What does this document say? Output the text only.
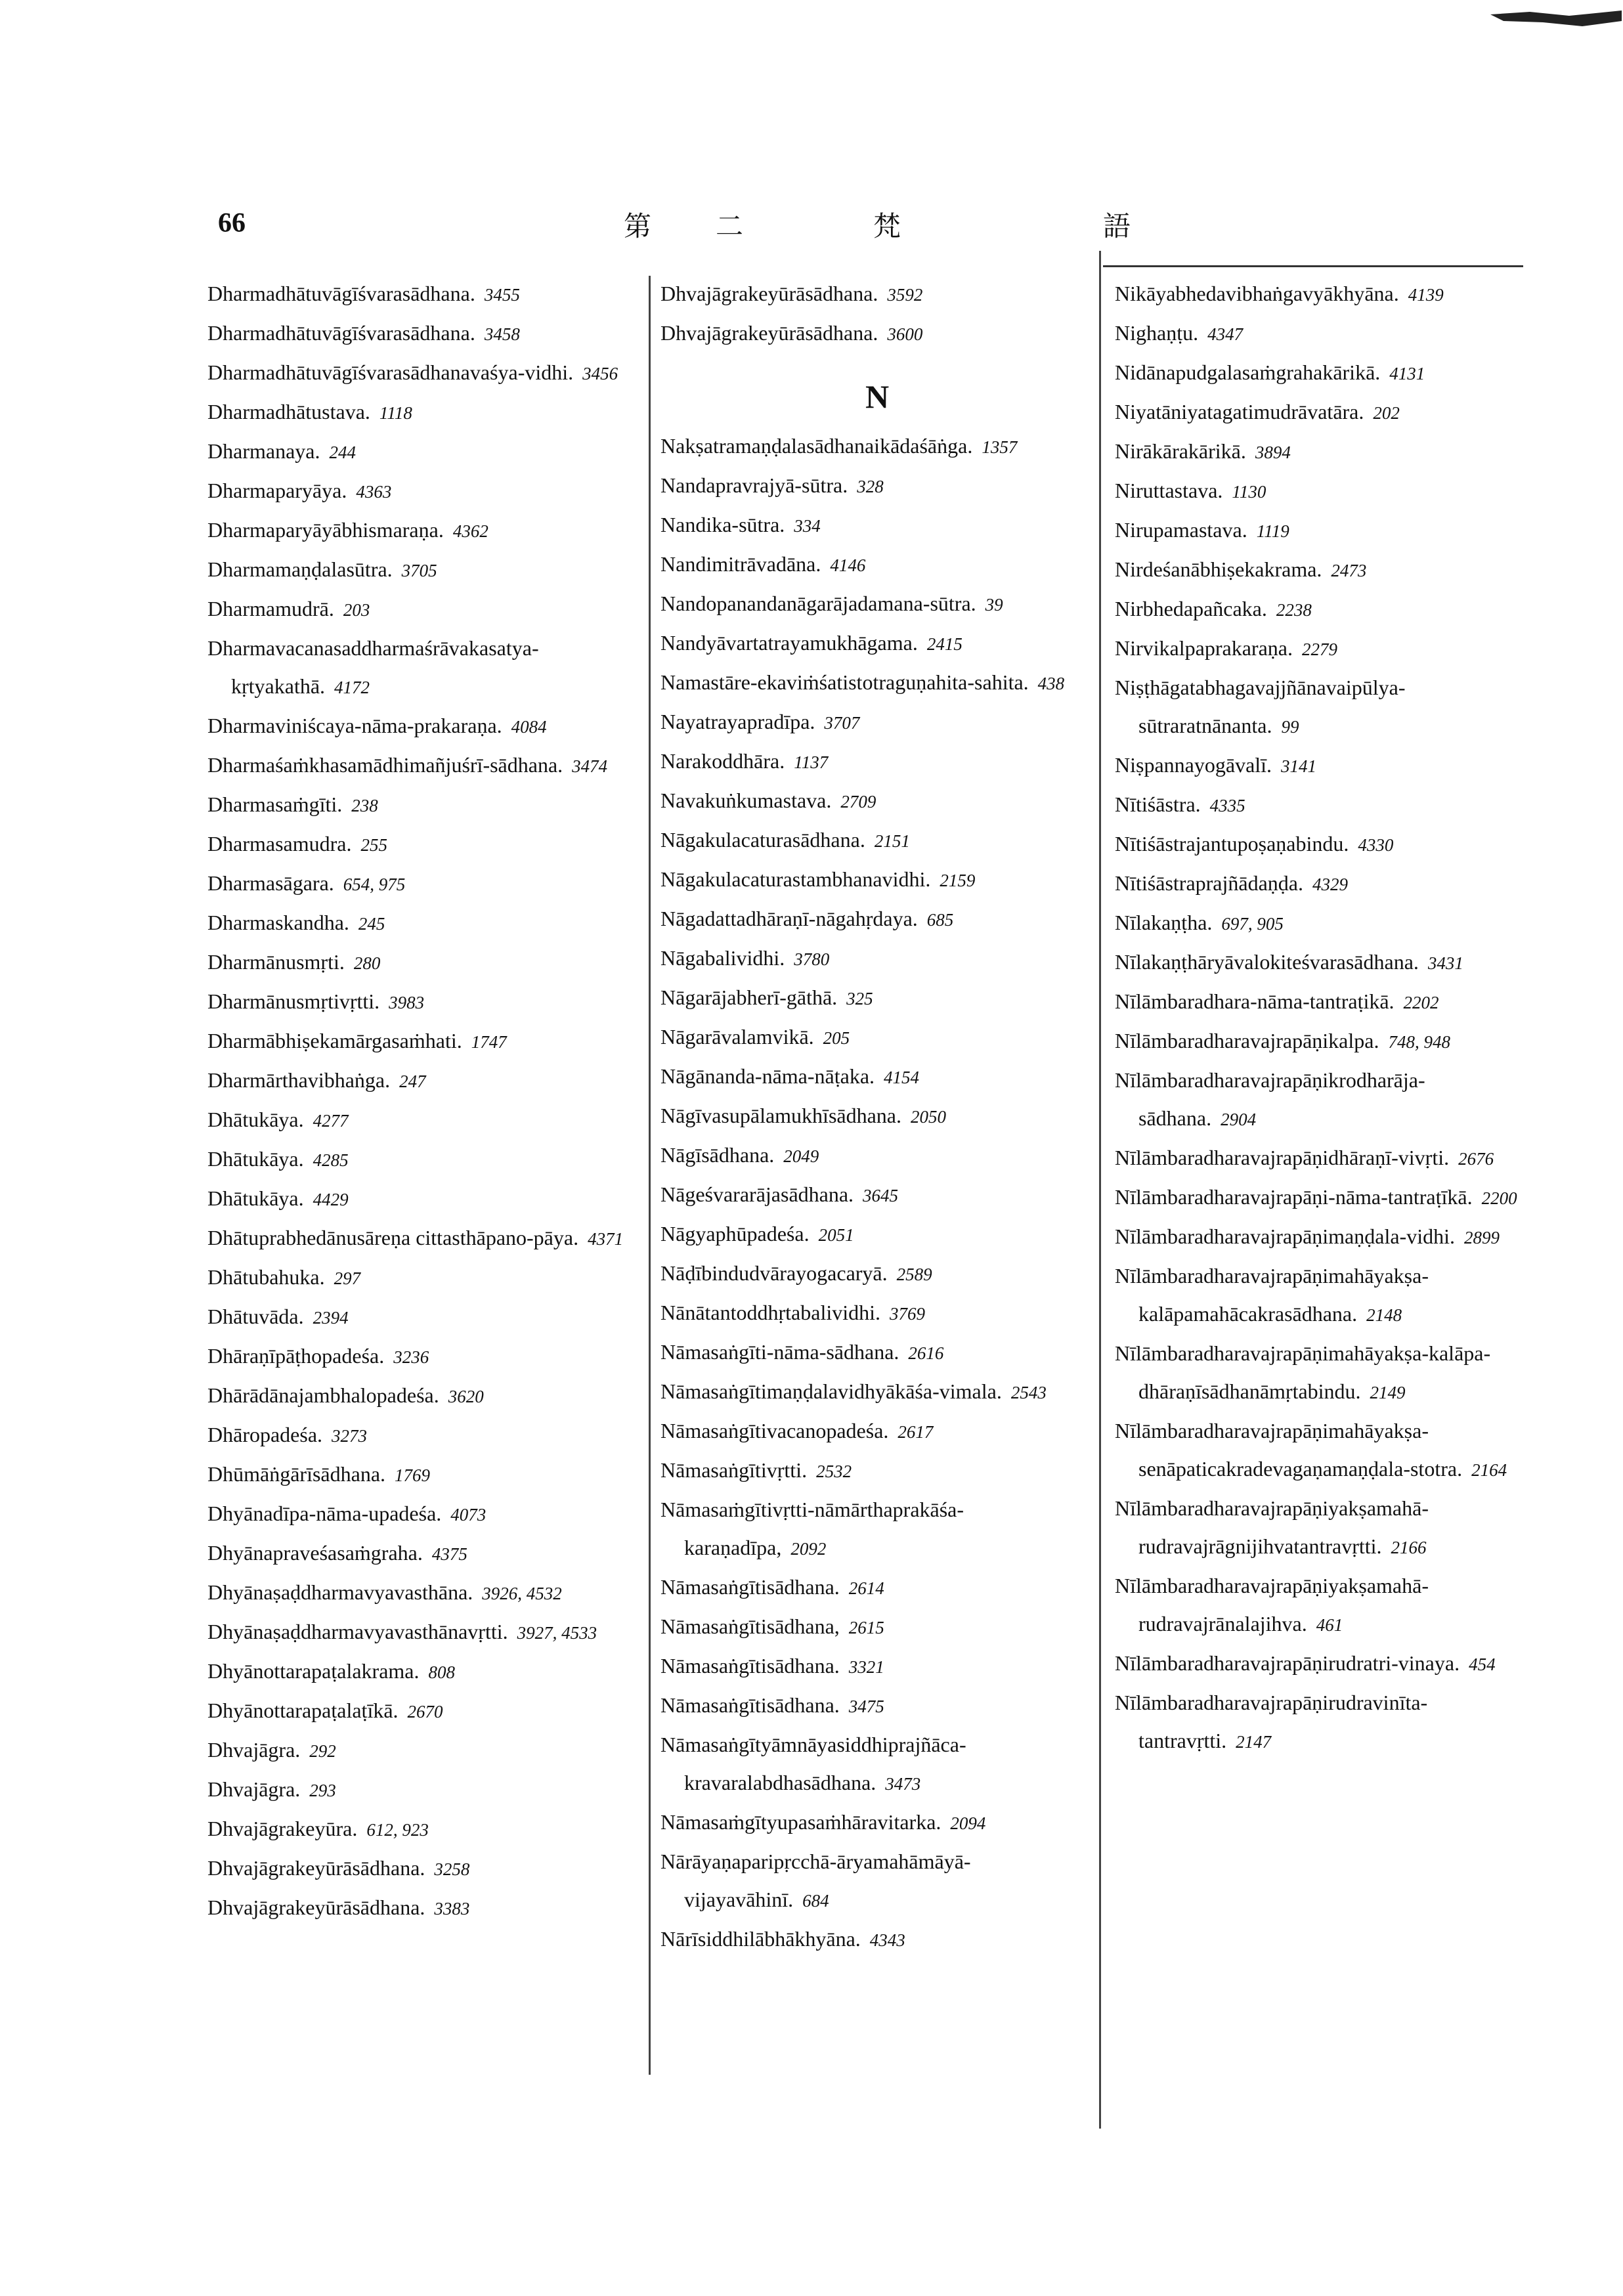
66	第 二	梵	語

Dharmadhātuvāgīśvarasādhana. 3455

Dharmadhātuvāgīśvarasādhana. 3458

Dharmadhātuvāgīśvarasādhanavaśya-vidhi. 3456

Dharmadhātustava. 1118

Dharmanaya. 244

Dharmaparyāya. 4363

Dharmaparyāyābhismaraṇa. 4362

Dharmamaṇḍalasūtra. 3705

Dharmamudrā. 203

Dharmavacanasaddharmaśrāvakasatya-kṛtyakathā. 4172

Dharmaviniścaya-nāma-prakaraṇa. 4084

Dharmaśaṁkhasamādhimañjuśrī-sādhana. 3474

Dharmasaṁgīti. 238

Dharmasamudra. 255

Dharmasāgara. 654, 975

Dharmaskandha. 245

Dharmānusmṛti. 280

Dharmānusmṛtivṛtti. 3983

Dharmābhiṣekamārgasaṁhati. 1747

Dharmārthavibhaṅga. 247

Dhātukāya. 4277

Dhātukāya. 4285

Dhātukāya. 4429

Dhātuprabhedānusāreṇa cittasthāpano-pāya. 4371

Dhātubahuka. 297

Dhātuvāda. 2394

Dhāraṇīpāṭhopadeśa. 3236

Dhārādānajambhalopadeśa. 3620

Dhāropadeśa. 3273

Dhūmāṅgārīsādhana. 1769

Dhyānadīpa-nāma-upadeśa. 4073

Dhyānapraveśasaṁgraha. 4375

Dhyānaṣaḍdharmavyavasthāna. 3926, 4532

Dhyānaṣaḍdharmavyavasthānavṛtti. 3927, 4533

Dhyānottarapaṭalakrama. 808

Dhyānottarapaṭalaṭīkā. 2670

Dhvajāgra. 292

Dhvajāgra. 293

Dhvajāgrakeyūra. 612, 923

Dhvajāgrakeyūrāsādhana. 3258

Dhvajāgrakeyūrāsādhana. 3383

Dhvajāgrakeyūrāsādhana. 3592

Dhvajāgrakeyūrāsādhana. 3600

N

Nakṣatramaṇḍalasādhanaikādaśāṅga. 1357

Nandapravrajyā-sūtra. 328

Nandika-sūtra. 334

Nandimitrāvadāna. 4146

Nandopanandanāgarājadamana-sūtra. 39

Nandyāvartatrayamukhāgama. 2415

Namastāre-ekaviṁśatistotraguṇahita-sahita. 438

Nayatrayapradīpa. 3707

Narakoddhāra. 1137

Navakuṅkumastava. 2709

Nāgakulacaturasādhana. 2151

Nāgakulacaturastambhanavidhi. 2159

Nāgadattadhāraṇī-nāgahṛdaya. 685

Nāgabalividhi. 3780

Nāgarājabherī-gāthā. 325

Nāgarāvalamvikā. 205

Nāgānanda-nāma-nāṭaka. 4154

Nāgīvasupālamukhīsādhana. 2050

Nāgīsādhana. 2049

Nāgeśvararājasādhana. 3645

Nāgyaphūpadeśa. 2051

Nāḍībindudvārayogacaryā. 2589

Nānātantoddhṛtabalividhi. 3769

Nāmasaṅgīti-nāma-sādhana. 2616

Nāmasaṅgītimaṇḍalavidhyākāśa-vimala. 2543

Nāmasaṅgītivacanopadeśa. 2617

Nāmasaṅgītivṛtti. 2532

Nāmasaṁgītivṛtti-nāmārthaprakāśa-karaṇadīpa, 2092

Nāmasaṅgītisādhana. 2614

Nāmasaṅgītisādhana, 2615

Nāmasaṅgītisādhana. 3321

Nāmasaṅgītisādhana. 3475

Nāmasaṅgītyāmnāyasiddhiprajñāca-kravaralabdhasādhana. 3473

Nāmasaṁgītyupasaṁhāravitarka. 2094

Nārāyaṇaparipṛcchā-āryamahāmāyā-vijayavāhinī. 684

Nārīsiddhilābhākhyāna. 4343

Nikāyabhedavibhaṅgavyākhyāna. 4139

Nighaṇṭu. 4347

Nidānapudgalasaṁgrahakārikā. 4131

Niyatāniyatagatimudrāvatāra. 202

Nirākārakārikā. 3894

Niruttastava. 1130

Nirupamastava. 1119

Nirdeśanābhiṣekakrama. 2473

Nirbhedapañcaka. 2238

Nirvikalpaprakaraṇa. 2279

Niṣṭhāgatabhagavajjñānavaipūlya-sūtraratnānanta. 99

Niṣpannayogāvalī. 3141

Nītiśāstra. 4335

Nītiśāstrajantupoṣaṇabindu. 4330

Nītiśāstraprajñādaṇḍa. 4329

Nīlakaṇṭha. 697, 905

Nīlakaṇṭhāryāvalokiteśvarasādhana. 3431

Nīlāmbaradhara-nāma-tantraṭikā. 2202

Nīlāmbaradharavajrapāṇikalpa. 748, 948

Nīlāmbaradharavajrapāṇikrodharāja-sādhana. 2904

Nīlāmbaradharavajrapāṇidhāraṇī-vivṛti. 2676

Nīlāmbaradharavajrapāṇi-nāma-tantraṭīkā. 2200

Nīlāmbaradharavajrapāṇimaṇḍala-vidhi. 2899

Nīlāmbaradharavajrapāṇimahāyakṣa-kalāpamahācakrasādhana. 2148

Nīlāmbaradharavajrapāṇimahāyakṣa-kalāpa-dhāraṇīsādhanāmṛtabindu. 2149

Nīlāmbaradharavajrapāṇimahāyakṣa-senāpaticakradevagaṇamaṇḍala-stotra. 2164

Nīlāmbaradharavajrapāṇiyakṣamahā-rudravajrāgnijihvatantravṛtti. 2166

Nīlāmbaradharavajrapāṇiyakṣamahā-rudravajrānalajihva. 461

Nīlāmbaradharavajrapāṇirudratri-vinaya. 454

Nīlāmbaradharavajrapāṇirudravinīta-tantravṛtti. 2147
